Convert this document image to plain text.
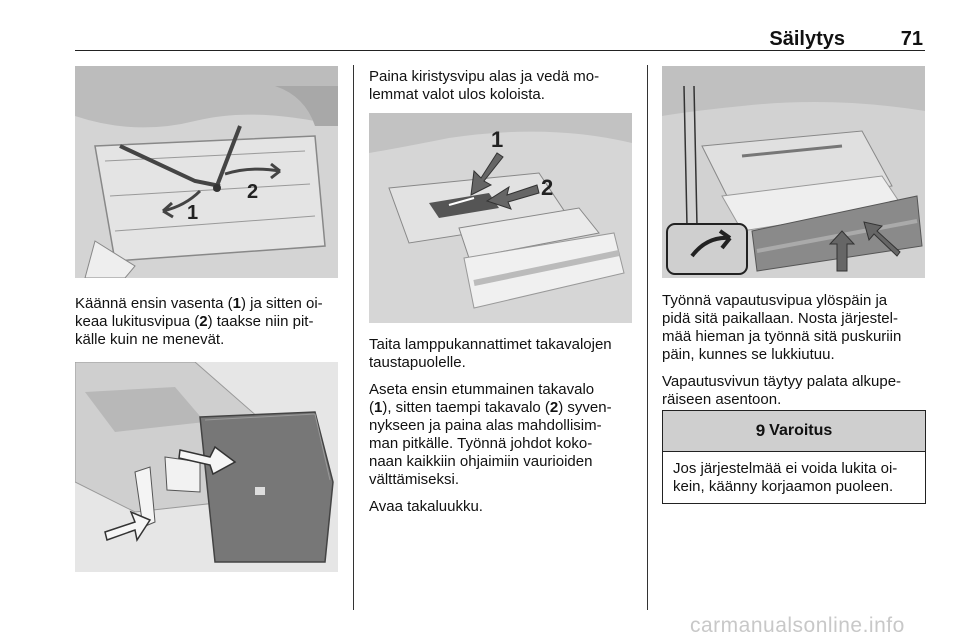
Säilytys	71
1
2

Käännä ensin vasenta (1) ja sitten oi-
keaa lukitusvipua (2) taakse niin pit-
källe kuin ne menevät.

Paina kiristysvipu alas ja vedä mo-
lemmat valot ulos koloista.

1
2

Taita lamppukannattimet takavalojen
taustapuolelle.

Aseta ensin etummainen takavalo
(1), sitten taempi takavalo (2) syven-
nykseen ja paina alas mahdollisim-
man pitkälle. Työnnä johdot koko-
naan kaikkiin ohjaimiin vaurioiden
välttämiseksi.

Avaa takaluukku.

Työnnä vapautusvipua ylöspäin ja
pidä sitä paikallaan. Nosta järjestel-
mää hieman ja työnnä sitä puskuriin
päin, kunnes se lukkiutuu.

Vapautusvivun täytyy palata alkupe-
räiseen asentoon.

9 Varoitus
Jos järjestelmää ei voida lukita oi-
kein, käänny korjaamon puoleen.
carmanualsonline.info
